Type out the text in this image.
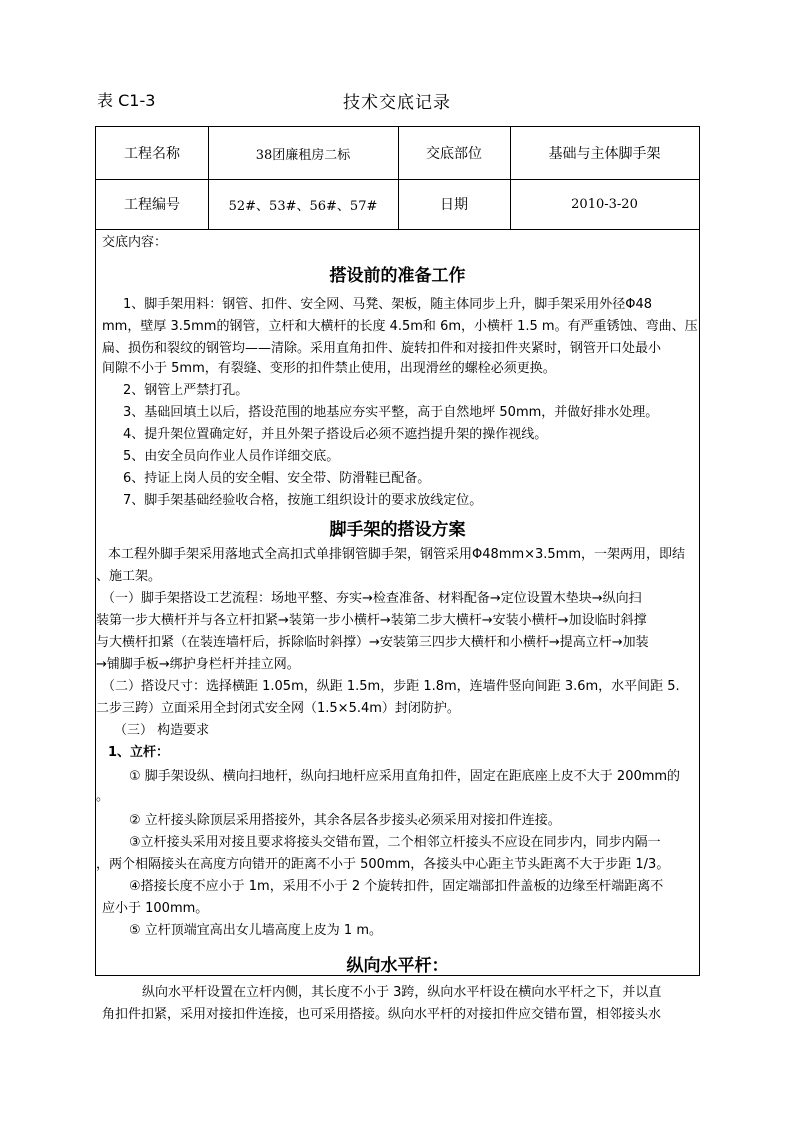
表 C1-3	技术交底记录
工程名称	38团廉租房二标	交底部位	基础与主体脚手架
工程编号	52#、53#、56#、57#	日期	2010-3-20
交底内容：
搭设前的准备工作
1、脚手架用料：钢管、扣件、安全网、马凳、架板，随主体同步上升，脚手架采用外径Φ48
mm，壁厚 3.5mm的钢管，立杆和大横杆的长度 4.5m和 6m，小横杆 1.5 m。有严重锈蚀、弯曲、压
扁、损伤和裂纹的钢管均——清除。采用直角扣件、旋转扣件和对接扣件夹紧时，钢管开口处最小
间隙不小于 5mm，有裂缝、变形的扣件禁止使用，出现滑丝的螺栓必须更换。
2、钢管上严禁打孔。
3、基础回填土以后，搭设范围的地基应夯实平整，高于自然地坪 50mm，并做好排水处理。
4、提升架位置确定好，并且外架子搭设后必须不遮挡提升架的操作视线。
5、由安全员向作业人员作详细交底。
6、持证上岗人员的安全帽、安全带、防滑鞋已配备。
7、脚手架基础经验收合格，按施工组织设计的要求放线定位。
脚手架的搭设方案
本工程外脚手架采用落地式全高扣式单排钢管脚手架，钢管采用Φ48mm×3.5mm，一架两用，即结
、施工架。
（一）脚手架搭设工艺流程：场地平整、夯实→检查准备、材料配备→定位设置木垫块→纵向扫
装第一步大横杆并与各立杆扣紧→装第一步小横杆→装第二步大横杆→安装小横杆→加设临时斜撑
与大横杆扣紧（在装连墙杆后，拆除临时斜撑）→安装第三四步大横杆和小横杆→提高立杆→加装
→铺脚手板→绑护身栏杆并挂立网。
（二）搭设尺寸：选择横距 1.05m，纵距 1.5m，步距 1.8m，连墙件竖向间距 3.6m，水平间距 5.
二步三跨）立面采用全封闭式安全网（1.5×5.4m）封闭防护。
（三） 构造要求
1、立杆：
① 脚手架设纵、横向扫地杆，纵向扫地杆应采用直角扣件，固定在距底座上皮不大于 200mm的
。
② 立杆接头除顶层采用搭接外，其余各层各步接头必须采用对接扣件连接。
③立杆接头采用对接且要求将接头交错布置，二个相邻立杆接头不应设在同步内，同步内隔一
，两个相隔接头在高度方向错开的距离不小于 500mm，各接头中心距主节头距离不大于步距 1/3。
④搭接长度不应小于 1m，采用不小于 2 个旋转扣件，固定端部扣件盖板的边缘至杆端距离不
应小于 100mm。
⑤ 立杆顶端宜高出女儿墙高度上皮为 1 m。
纵向水平杆：
纵向水平杆设置在立杆内侧，其长度不小于 3跨，纵向水平杆设在横向水平杆之下，并以直
角扣件扣紧，采用对接扣件连接，也可采用搭接。纵向水平杆的对接扣件应交错布置，相邻接头水
